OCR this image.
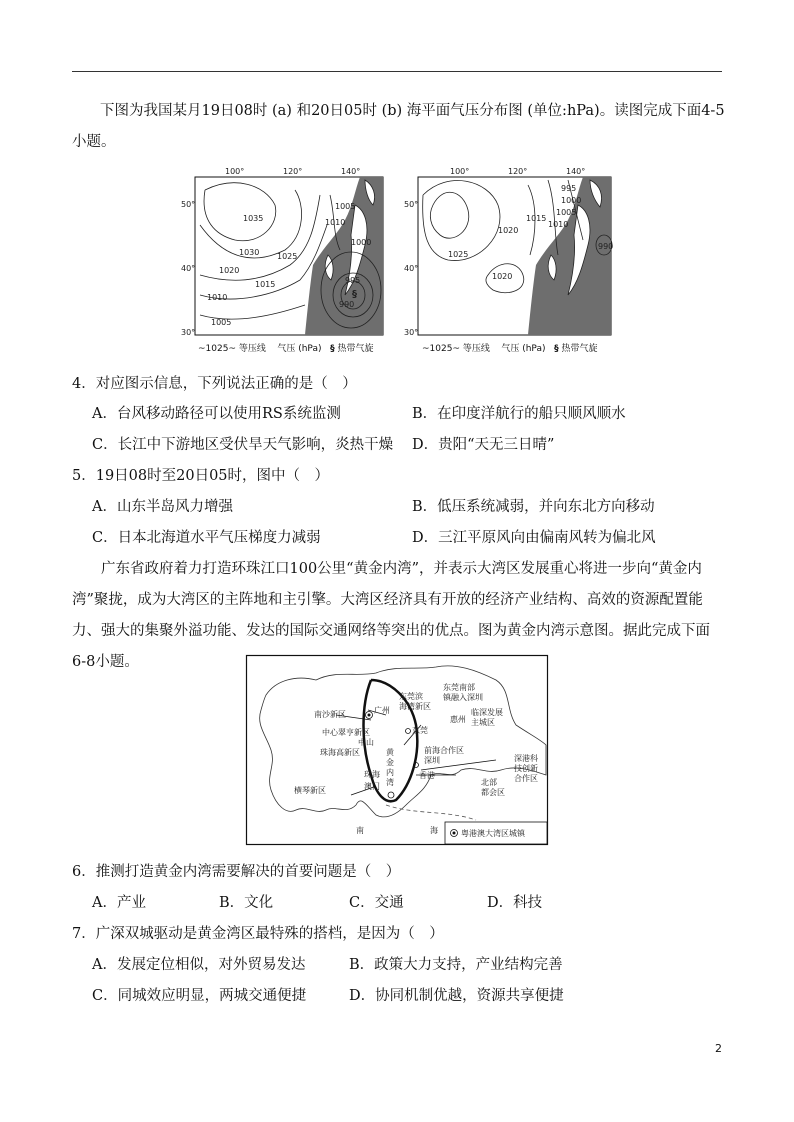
下图为我国某月19日08时 (a) 和20日05时 (b) 海平面气压分布图 (单位:hPa)。读图完成下面4-5
小题。
100°	120°	140°
50°
40°
30°
1035	1010
1005
1030 1025
1020
1015
1010
1005
1000
995
990
§
~1025~ 等压线 气压 (hPa) § 热带气旋
100°	120°	140°
50°
40°
30°
995
1000
1005
1010
1015
1020
1025
1020
990
~1025~ 等压线 气压 (hPa) § 热带气旋
4．对应图示信息，下列说法正确的是（　）
A．台风移动路径可以使用RS系统监测	B．在印度洋航行的船只顺风顺水
C．长江中下游地区受伏旱天气影响，炎热干燥 D．贵阳“天无三日晴”
5．19日08时至20日05时，图中（　）
A．山东半岛风力增强	B．低压系统减弱，并向东北方向移动
C．日本北海道水平气压梯度力减弱	D．三江平原风向由偏南风转为偏北风
广东省政府着力打造环珠江口100公里“黄金内湾”，并表示大湾区发展重心将进一步向“黄金内湾”聚拢，成为大湾区的主阵地和主引擎。大湾区经济具有开放的经济产业结构、高效的资源配置能力、强大的集聚外溢功能、发达的国际交通网络等突出的优点。图为黄金内湾示意图。据此完成下面6-8小题。
南沙新区	广州
东莞滨
海湾新区
东莞
东莞南部
镇融入深圳
临深发展
主城区
惠州
中心翠亨新区
中山
前海合作区
深圳
珠海高新区	黄
金
内
湾
珠海
澳门
香港
横琴新区
北部
都会区
深港科
技创新
合作区
南	海	粤港澳大湾区城镇
6．推测打造黄金内湾需要解决的首要问题是（　）
A．产业	B．文化	C．交通	D．科技
7．广深双城驱动是黄金湾区最特殊的搭档，是因为（　）
A．发展定位相似，对外贸易发达	B．政策大力支持，产业结构完善
C．同城效应明显，两城交通便捷	D．协同机制优越，资源共享便捷
2
